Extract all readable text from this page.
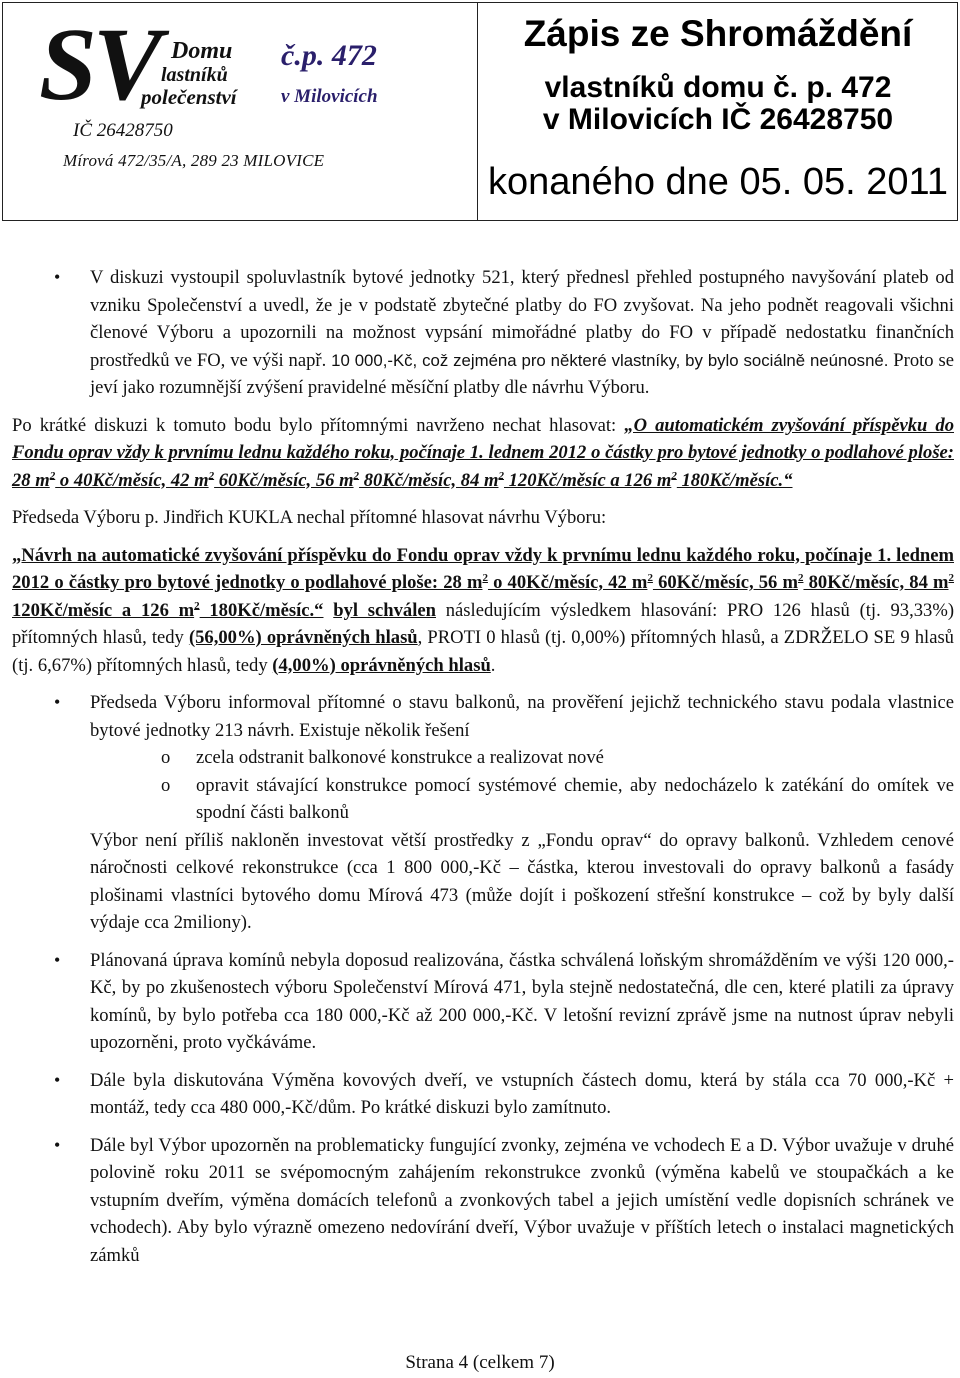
SV Domu
lastníků
polečenství
č.p. 472
v Milovicích
IČ 26428750
Mírová 472/35/A, 289 23 MILOVICE
Zápis ze Shromáždění
vlastníků domu č. p. 472
v Milovicích IČ 26428750
konaného dne 05. 05. 2011
• V diskuzi vystoupil spoluvlastník bytové jednotky 521, který přednesl přehled postupného navyšování plateb od vzniku Společenství a uvedl, že je v podstatě zbytečné platby do FO zvyšovat. Na jeho podnět reagovali všichni členové Výboru a upozornili na možnost vypsání mimořádné platby do FO v případě nedostatku finančních prostředků ve FO, ve výši např. 10 000,-Kč, což zejména pro některé vlastníky, by bylo sociálně neúnosné. Proto se jeví jako rozumnější zvýšení pravidelné měsíční platby dle návrhu Výboru.

Po krátké diskuzi k tomuto bodu bylo přítomnými navrženo nechat hlasovat: „O automatickém zvyšování příspěvku do Fondu oprav vždy k prvnímu lednu každého roku, počínaje 1. lednem 2012 o částky pro bytové jednotky o podlahové ploše: 28 $m^2$ o 40Kč/měsíc, 42 $m^2$ 60Kč/měsíc, 56 $m^2$ 80Kč/měsíc, 84 $m^2$ 120Kč/měsíc a 126 $m^2$ 180Kč/měsíc.“

Předseda Výboru p. Jindřich KUKLA nechal přítomné hlasovat návrhu Výboru:

„Návrh na automatické zvyšování příspěvku do Fondu oprav vždy k prvnímu lednu každého roku, počínaje 1. lednem 2012 o částky pro bytové jednotky o podlahové ploše: 28 $m^2$ o 40Kč/měsíc, 42 $m^2$ 60Kč/měsíc, 56 $m^2$ 80Kč/měsíc, 84 $m^2$ 120Kč/měsíc a 126 $m^2$ 180Kč/měsíc.“ byl schválen následujícím výsledkem hlasování: PRO 126 hlasů (tj. 93,33%) přítomných hlasů, tedy (56,00%) oprávněných hlasů, PROTI 0 hlasů (tj. 0,00%) přítomných hlasů, a ZDRŽELO SE 9 hlasů (tj. 6,67%) přítomných hlasů, tedy (4,00%) oprávněných hlasů.

• Předseda Výboru informoval přítomné o stavu balkonů, na prověření jejichž technického stavu podala vlastnice bytové jednotky 213 návrh. Existuje několik řešení

o zcela odstranit balkonové konstrukce a realizovat nové
o opravit stávající konstrukce pomocí systémové chemie, aby nedocházelo k zatékání do omítek ve spodní části balkonů

Výbor není příliš nakloněn investovat větší prostředky z „Fondu oprav“ do opravy balkonů. Vzhledem cenové náročnosti celkové rekonstrukce (cca 1 800 000,-Kč – částka, kterou investovali do opravy balkonů a fasády plošinami vlastníci bytového domu Mírová 473 (může dojít i poškození střešní konstrukce – což by byly další výdaje cca 2miliony).

• Plánovaná úprava komínů nebyla doposud realizována, částka schválená loňským shromážděním ve výši 120 000,-Kč, by po zkušenostech výboru Společenství Mírová 471, byla stejně nedostatečná, dle cen, které platili za úpravy komínů, by bylo potřeba cca 180 000,-Kč až 200 000,-Kč. V letošní revizní zprávě jsme na nutnost úprav nebyli upozorněni, proto vyčkáváme.

• Dále byla diskutována Výměna kovových dveří, ve vstupních částech domu, která by stála cca 70 000,-Kč + montáž, tedy cca 480 000,-Kč/dům. Po krátké diskuzi bylo zamítnuto.

• Dále byl Výbor upozorněn na problematicky fungující zvonky, zejména ve vchodech E a D. Výbor uvažuje v druhé polovině roku 2011 se svépomocným zahájením rekonstrukce zvonků (výměna kabelů ve stoupačkách a ke vstupním dveřím, výměna domácích telefonů a zvonkových tabel a jejich umístění vedle dopisních schránek ve vchodech). Aby bylo výrazně omezeno nedovírání dveří, Výbor uvažuje v příštích letech o instalaci magnetických zámků

Strana 4 (celkem 7)
